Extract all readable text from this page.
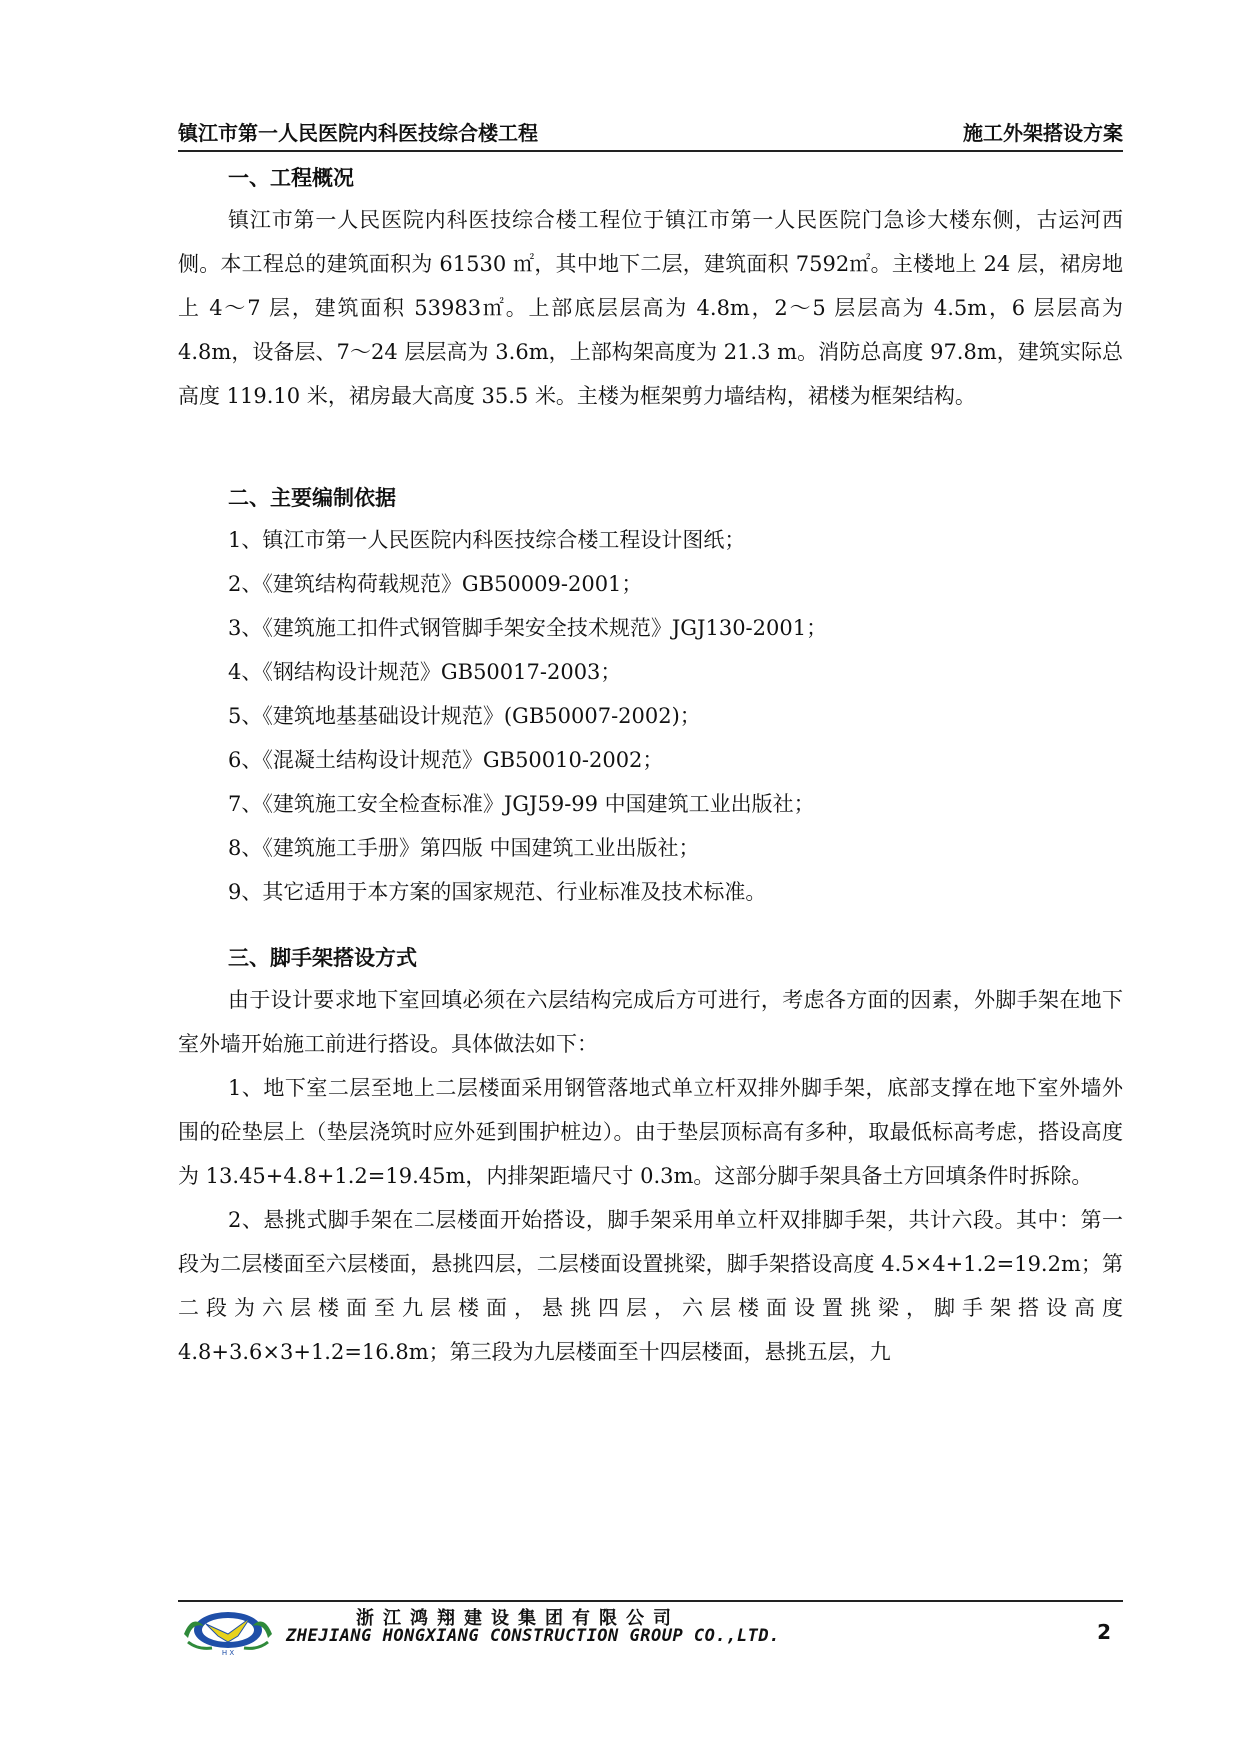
镇江市第一人民医院内科医技综合楼工程	施工外架搭设方案
一、工程概况

镇江市第一人民医院内科医技综合楼工程位于镇江市第一人民医院门急诊大楼东侧，古运河西侧。本工程总的建筑面积为 61530 ㎡，其中地下二层，建筑面积 7592㎡。主楼地上 24 层，裙房地上 4～7 层，建筑面积 53983㎡。上部底层层高为 4.8m，2～5 层层高为 4.5m，6 层层高为 4.8m，设备层、7～24 层层高为 3.6m，上部构架高度为 21.3 m。消防总高度 97.8m，建筑实际总高度 119.10 米，裙房最大高度 35.5 米。主楼为框架剪力墙结构，裙楼为框架结构。

二、主要编制依据

1、镇江市第一人民医院内科医技综合楼工程设计图纸；

2、《建筑结构荷载规范》GB50009-2001；

3、《建筑施工扣件式钢管脚手架安全技术规范》JGJ130-2001；

4、《钢结构设计规范》GB50017-2003；

5、《建筑地基基础设计规范》(GB50007-2002)；

6、《混凝土结构设计规范》GB50010-2002；

7、《建筑施工安全检查标准》JGJ59-99 中国建筑工业出版社；

8、《建筑施工手册》第四版 中国建筑工业出版社；

9、其它适用于本方案的国家规范、行业标准及技术标准。

三、脚手架搭设方式

由于设计要求地下室回填必须在六层结构完成后方可进行，考虑各方面的因素，外脚手架在地下室外墙开始施工前进行搭设。具体做法如下：

1、地下室二层至地上二层楼面采用钢管落地式单立杆双排外脚手架，底部支撑在地下室外墙外围的砼垫层上（垫层浇筑时应外延到围护桩边）。由于垫层顶标高有多种，取最低标高考虑，搭设高度为 13.45+4.8+1.2=19.45m，内排架距墙尺寸 0.3m。这部分脚手架具备土方回填条件时拆除。

2、悬挑式脚手架在二层楼面开始搭设，脚手架采用单立杆双排脚手架，共计六段。其中：第一段为二层楼面至六层楼面，悬挑四层，二层楼面设置挑梁，脚手架搭设高度 4.5×4+1.2=19.2m；第二段为六层楼面至九层楼面，悬挑四层，六层楼面设置挑梁，脚手架搭设高度 4.8+3.6×3+1.2=16.8m；第三段为九层楼面至十四层楼面，悬挑五层，九

H X
浙江鸿翔建设集团有限公司
ZHEJIANG HONGXIANG CONSTRUCTION GROUP CO.,LTD.	2
